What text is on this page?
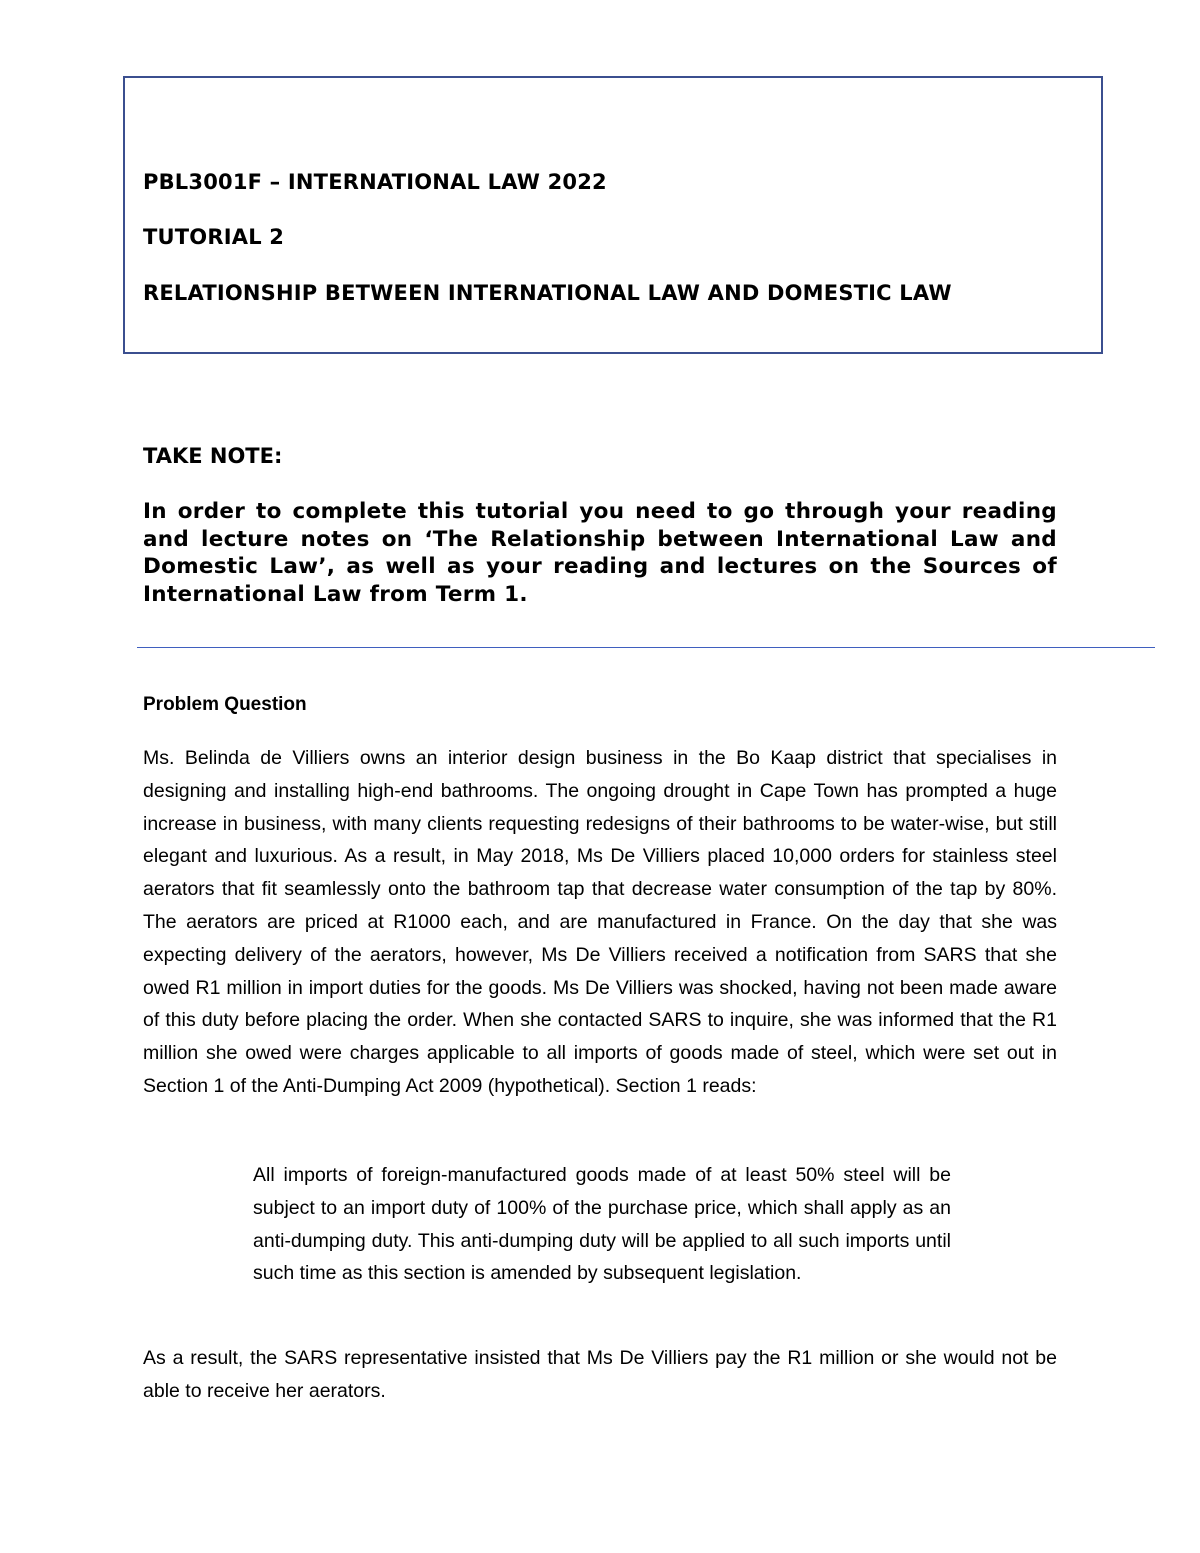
PBL3001F – INTERNATIONAL LAW 2022
TUTORIAL 2
RELATIONSHIP BETWEEN INTERNATIONAL LAW AND DOMESTIC LAW
TAKE NOTE:
In order to complete this tutorial you need to go through your reading and lecture notes on ‘The Relationship between International Law and Domestic Law’, as well as your reading and lectures on the Sources of International Law from Term 1.
Problem Question
Ms. Belinda de Villiers owns an interior design business in the Bo Kaap district that specialises in designing and installing high-end bathrooms. The ongoing drought in Cape Town has prompted a huge increase in business, with many clients requesting redesigns of their bathrooms to be water-wise, but still elegant and luxurious. As a result, in May 2018, Ms De Villiers placed 10,000 orders for stainless steel aerators that fit seamlessly onto the bathroom tap that decrease water consumption of the tap by 80%. The aerators are priced at R1000 each, and are manufactured in France. On the day that she was expecting delivery of the aerators, however, Ms De Villiers received a notification from SARS that she owed R1 million in import duties for the goods. Ms De Villiers was shocked, having not been made aware of this duty before placing the order. When she contacted SARS to inquire, she was informed that the R1 million she owed were charges applicable to all imports of goods made of steel, which were set out in Section 1 of the Anti-Dumping Act 2009 (hypothetical). Section 1 reads:
All imports of foreign-manufactured goods made of at least 50% steel will be subject to an import duty of 100% of the purchase price, which shall apply as an anti-dumping duty. This anti-dumping duty will be applied to all such imports until such time as this section is amended by subsequent legislation.
As a result, the SARS representative insisted that Ms De Villiers pay the R1 million or she would not be able to receive her aerators.
